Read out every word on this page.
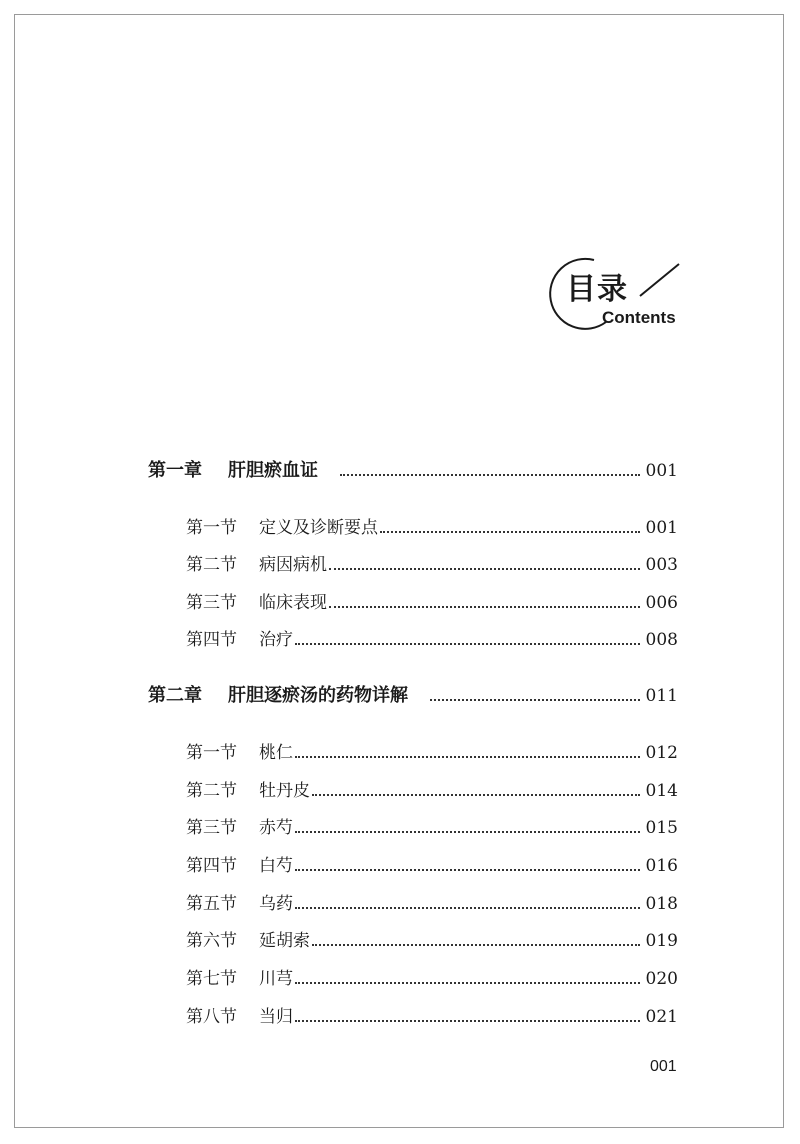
目录
Contents
第一章 肝胆瘀血证	001
第一节 定义及诊断要点	001
第二节 病因病机	003
第三节 临床表现	006
第四节 治疗	008
第二章 肝胆逐瘀汤的药物详解	011
第一节 桃仁	012
第二节 牡丹皮	014
第三节 赤芍	015
第四节 白芍	016
第五节 乌药	018
第六节 延胡索	019
第七节 川芎	020
第八节 当归	021
001
